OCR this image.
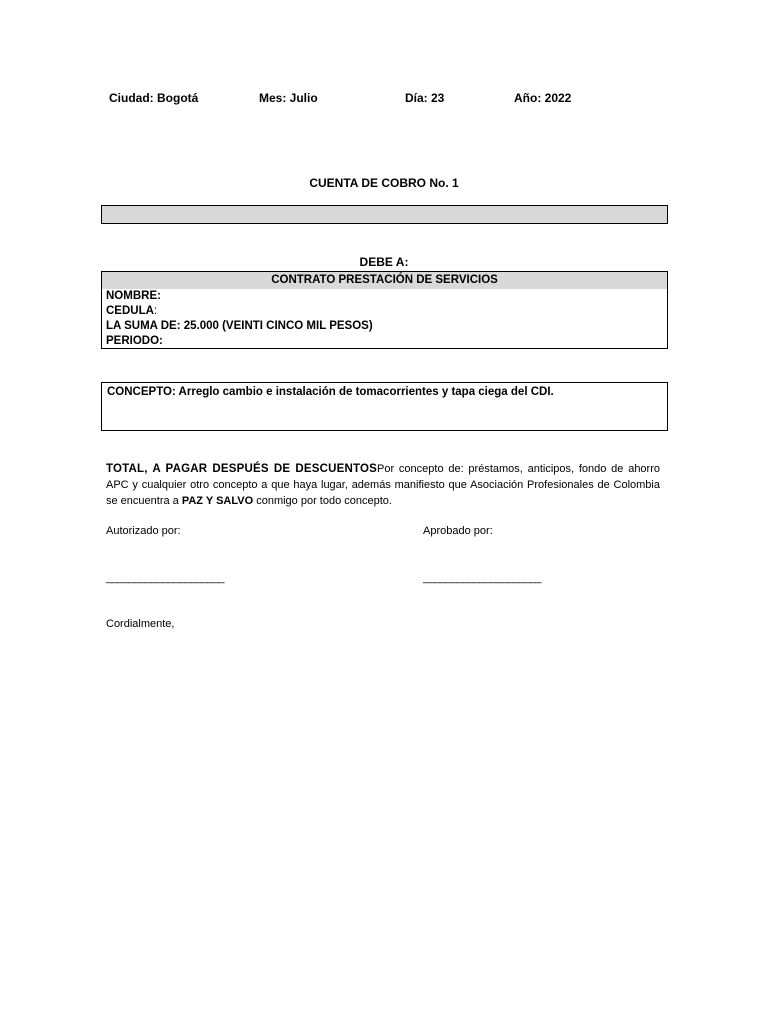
Ciudad: Bogotá	Mes: Julio	Día: 23	Año: 2022
CUENTA DE COBRO No. 1
DEBE A:
CONTRATO PRESTACIÓN DE SERVICIOS
NOMBRE:
CEDULA:
LA SUMA DE: 25.000 (VEINTI CINCO MIL PESOS)
PERIODO:
CONCEPTO: Arreglo cambio e instalación de tomacorrientes y tapa ciega del CDI.
TOTAL, A PAGAR DESPUÉS DE DESCUENTOSPor concepto de: préstamos, anticipos, fondo de ahorro APC y cualquier otro concepto a que haya lugar, además manifiesto que Asociación Profesionales de Colombia se encuentra a PAZ Y SALVO conmigo por todo concepto.
Autorizado por:	Aprobado por:
_____________________	_____________________
Cordialmente,
